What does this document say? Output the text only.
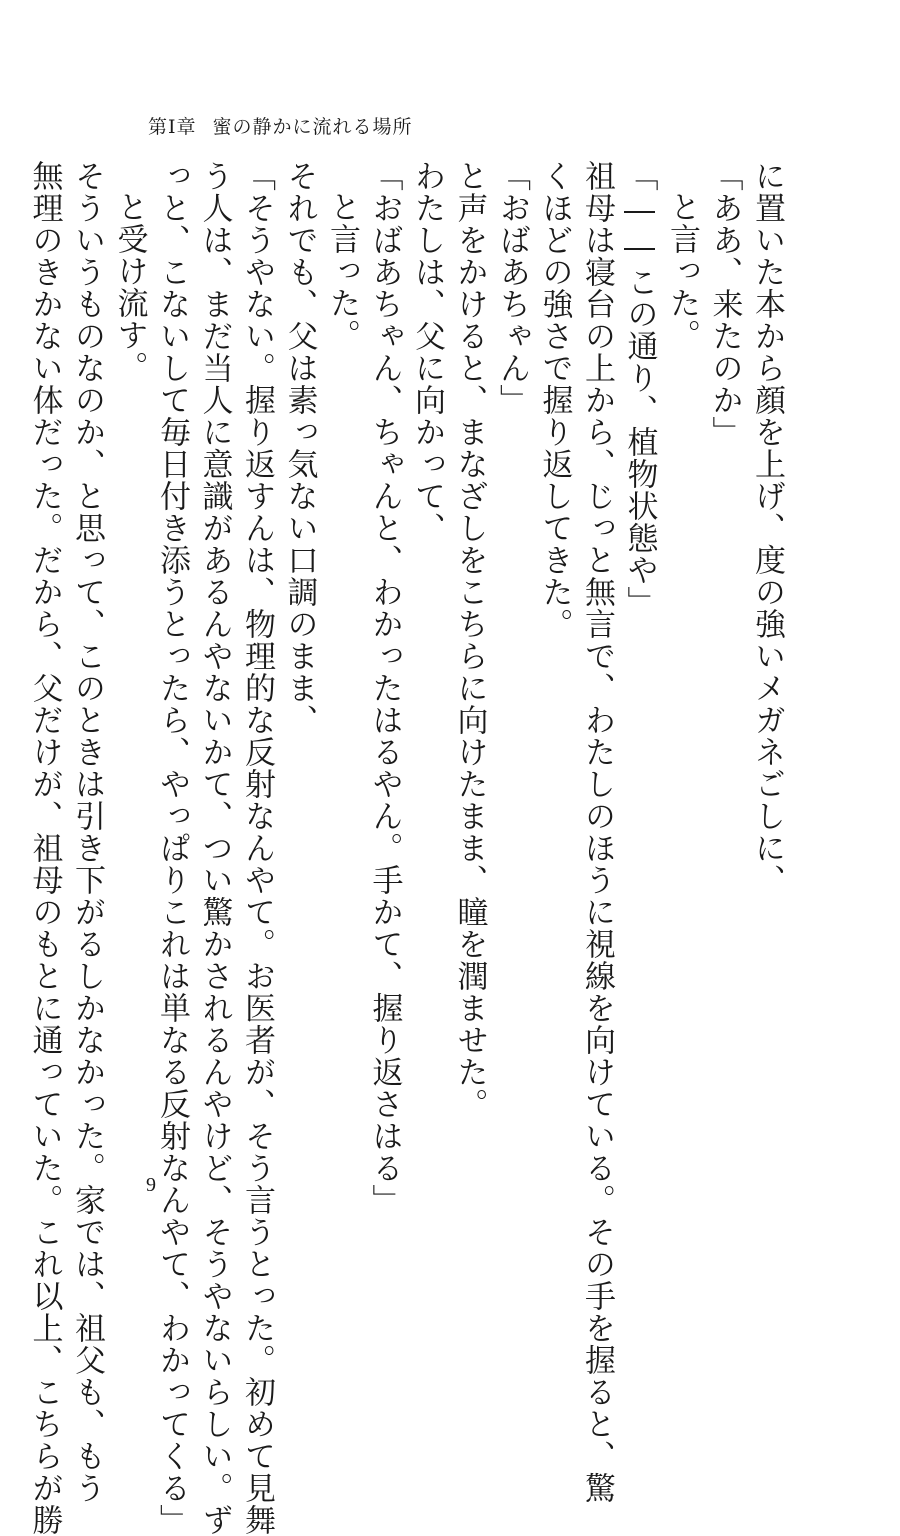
第Ⅰ章 蜜の静かに流れる場所
に置いた本から顔を上げ、度の強いメガネごしに、
「ああ、来たのか」
と言った。
「――この通り、植物状態や」
祖母は寝台の上から、じっと無言で、わたしのほうに視線を向けている。その手を握ると、驚
くほどの強さで握り返してきた。
「おばあちゃん」
と声をかけると、まなざしをこちらに向けたまま、瞳を潤ませた。
わたしは、父に向かって、
「おばあちゃん、ちゃんと、わかったはるやん。手かて、握り返さはる」
と言った。
それでも、父は素っ気ない口調のまま、
「そうやない。握り返すんは、物理的な反射なんやて。お医者が、そう言うとった。初めて見舞
う人は、まだ当人に意識があるんやないかて、つい驚かされるんやけど、そうやないらしい。ず
っと、こないして毎日付き添うとったら、やっぱりこれは単なる反射なんやて、わかってくる」
と受け流す。
そういうものなのか、と思って、このときは引き下がるしかなかった。家では、祖父も、もう
無理のきかない体だった。だから、父だけが、祖母のもとに通っていた。これ以上、こちらが勝	9
